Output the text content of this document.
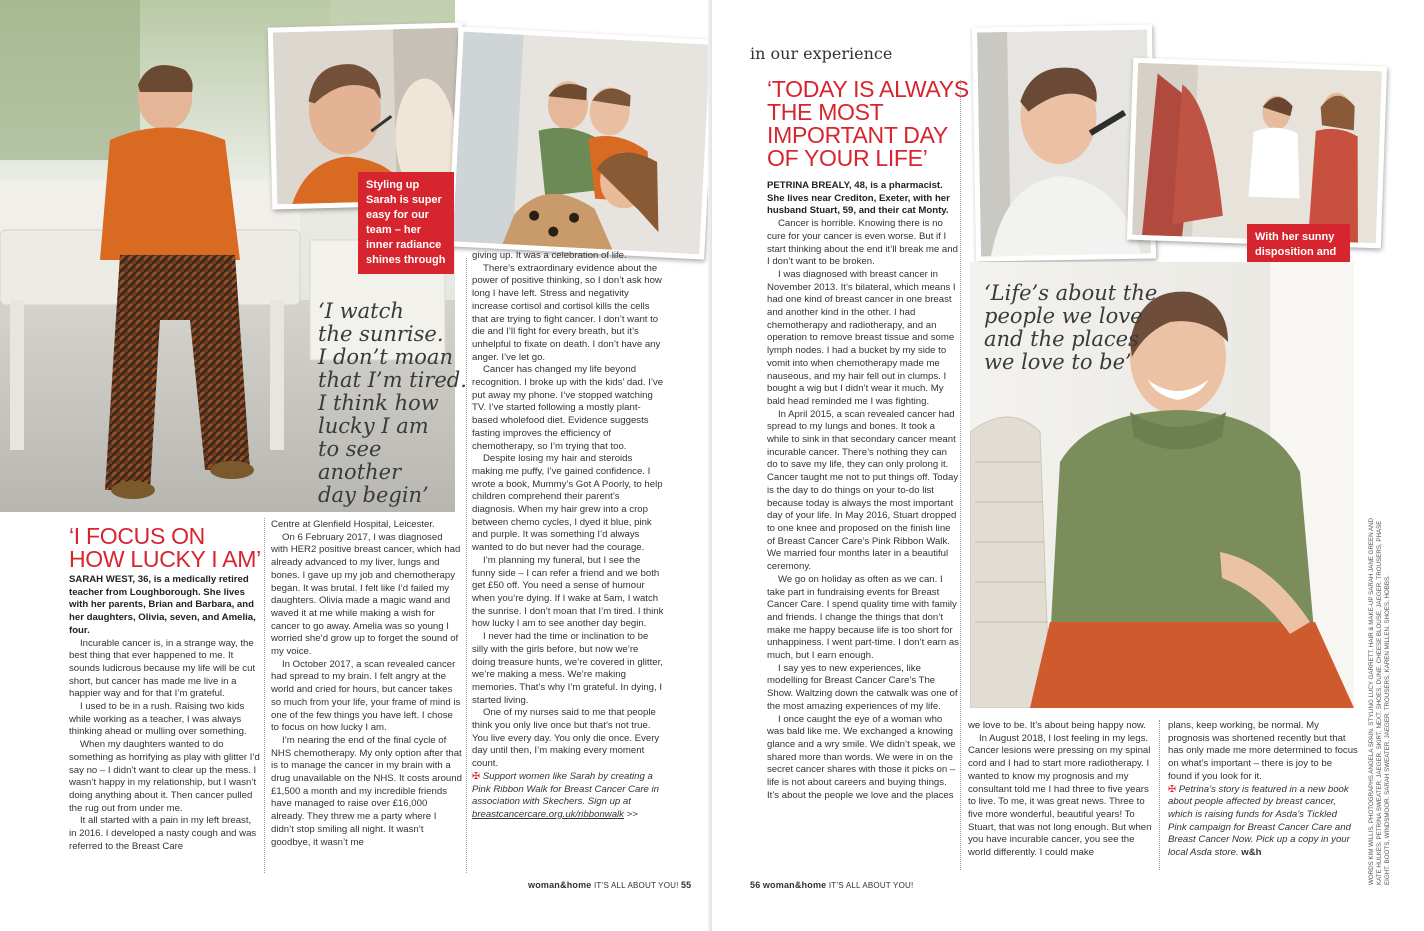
Styling up Sarah is super easy for our team – her inner radiance shines through
‘I watch
the sunrise.
I don’t moan
that I’m tired.
I think how
lucky I am
to see another
day begin’
‘I FOCUS ON
HOW LUCKY I AM’

SARAH WEST, 36, is a medically retired teacher from Loughborough. She lives with her parents, Brian and Barbara, and her daughters, Olivia, seven, and Amelia, four.

Incurable cancer is, in a strange way, the best thing that ever happened to me. It sounds ludicrous because my life will be cut short, but cancer has made me live in a happier way and for that I’m grateful.

I used to be in a rush. Raising two kids while working as a teacher, I was always thinking ahead or mulling over something.

When my daughters wanted to do something as horrifying as play with glitter I’d say no – I didn’t want to clear up the mess. I wasn’t happy in my relationship, but I wasn’t doing anything about it. Then cancer pulled the rug out from under me.

It all started with a pain in my left breast, in 2016. I developed a nasty cough and was referred to the Breast Care

Centre at Glenfield Hospital, Leicester.

On 6 February 2017, I was diagnosed with HER2 positive breast cancer, which had already advanced to my liver, lungs and bones. I gave up my job and chemotherapy began. It was brutal. I felt like I’d failed my daughters. Olivia made a magic wand and waved it at me while making a wish for cancer to go away. Amelia was so young I worried she’d grow up to forget the sound of my voice.

In October 2017, a scan revealed cancer had spread to my brain. I felt angry at the world and cried for hours, but cancer takes so much from your life, your frame of mind is one of the few things you have left. I chose to focus on how lucky I am.

I’m nearing the end of the final cycle of NHS chemotherapy. My only option after that is to manage the cancer in my brain with a drug unavailable on the NHS. It costs around £1,500 a month and my incredible friends have managed to raise over £16,000 already. They threw me a party where I didn’t stop smiling all night. It wasn’t goodbye, it wasn’t me

giving up. It was a celebration of life.

There’s extraordinary evidence about the power of positive thinking, so I don’t ask how long I have left. Stress and negativity increase cortisol and cortisol kills the cells that are trying to fight cancer. I don’t want to die and I’ll fight for every breath, but it’s unhelpful to fixate on death. I don’t have any anger. I’ve let go.

Cancer has changed my life beyond recognition. I broke up with the kids’ dad. I’ve put away my phone. I’ve stopped watching TV. I’ve started following a mostly plant-based wholefood diet. Evidence suggests fasting improves the efficiency of chemotherapy, so I’m trying that too.

Despite losing my hair and steroids making me puffy, I’ve gained confidence. I wrote a book, Mummy’s Got A Poorly, to help children comprehend their parent’s diagnosis. When my hair grew into a crop between chemo cycles, I dyed it blue, pink and purple. It was something I’d always wanted to do but never had the courage.

I’m planning my funeral, but I see the funny side – I can refer a friend and we both get £50 off. You need a sense of humour when you’re dying. If I wake at 5am, I watch the sunrise. I don’t moan that I’m tired. I think how lucky I am to see another day begin.

I never had the time or inclination to be silly with the girls before, but now we’re doing treasure hunts, we’re covered in glitter, we’re making a mess. We’re making memories. That’s why I’m grateful. In dying, I started living.

One of my nurses said to me that people think you only live once but that’s not true. You live every day. You only die once. Every day until then, I’m making every moment count.

✠ Support women like Sarah by creating a Pink Ribbon Walk for Breast Cancer Care in association with Skechers. Sign up at breastcancercare.org.uk/ribbonwalk >>

woman&home IT’S ALL ABOUT YOU! 55
in our experience
‘TODAY IS ALWAYS
THE MOST
IMPORTANT DAY
OF YOUR LIFE’

PETRINA BREALY, 48, is a pharmacist. She lives near Crediton, Exeter, with her husband Stuart, 59, and their cat Monty.

Cancer is horrible. Knowing there is no cure for your cancer is even worse. But if I start thinking about the end it’ll break me and I don’t want to be broken.

I was diagnosed with breast cancer in November 2013. It’s bilateral, which means I had one kind of breast cancer in one breast and another kind in the other. I had chemotherapy and radiotherapy, and an operation to remove breast tissue and some lymph nodes. I had a bucket by my side to vomit into when chemotherapy made me nauseous, and my hair fell out in clumps. I bought a wig but I didn’t wear it much. My bald head reminded me I was fighting.

In April 2015, a scan revealed cancer had spread to my lungs and bones. It took a while to sink in that secondary cancer meant incurable cancer. There’s nothing they can do to save my life, they can only prolong it. Cancer taught me not to put things off. Today is the day to do things on your to-do list because today is always the most important day of your life. In May 2016, Stuart dropped to one knee and proposed on the finish line of Breast Cancer Care’s Pink Ribbon Walk. We married four months later in a beautiful ceremony.

We go on holiday as often as we can. I take part in fundraising events for Breast Cancer Care. I spend quality time with family and friends. I change the things that don’t make me happy because life is too short for unhappiness. I went part-time. I don’t earn as much, but I earn enough.

I say yes to new experiences, like modelling for Breast Cancer Care’s The Show. Waltzing down the catwalk was one of the most amazing experiences of my life.

I once caught the eye of a woman who was bald like me. We exchanged a knowing glance and a wry smile. We didn’t speak, we shared more than words. We were in on the secret cancer shares with those it picks on – life is not about careers and buying things. It’s about the people we love and the places

With her sunny disposition and
‘Life’s about the
people we love
and the places
we love to be’

we love to be. It’s about being happy now.

In August 2018, I lost feeling in my legs. Cancer lesions were pressing on my spinal cord and I had to start more radiotherapy. I wanted to know my prognosis and my consultant told me I had three to five years to live. To me, it was great news. Three to five more wonderful, beautiful years! To Stuart, that was not long enough. But when you have incurable cancer, you see the world differently. I could make

plans, keep working, be normal. My prognosis was shortened recently but that has only made me more determined to focus on what’s important – there is joy to be found if you look for it.

✠ Petrina’s story is featured in a new book about people affected by breast cancer, which is raising funds for Asda’s Tickled Pink campaign for Breast Cancer Care and Breast Cancer Now. Pick up a copy in your local Asda store. w&h

56 woman&home IT’S ALL ABOUT YOU!
WORDS KIM WILLIS. PHOTOGRAPHS ANGELA SPAIN. STYLING LUCY GARRETT. HAIR & MAKE-UP SARAH JANE GREEN AND KATE HULKES. PETRINA SWEATER, JAEGER. SKIRT, NEXT. SHOES, DUNE. CHEESE BLOUSE, JAEGER. TROUSERS, PHASE EIGHT. BOOTS, WINDSMOOR. SARAH SWEATER, JAEGER. TROUSERS, KAREN MILLEN. SHOES, HOBBS.
